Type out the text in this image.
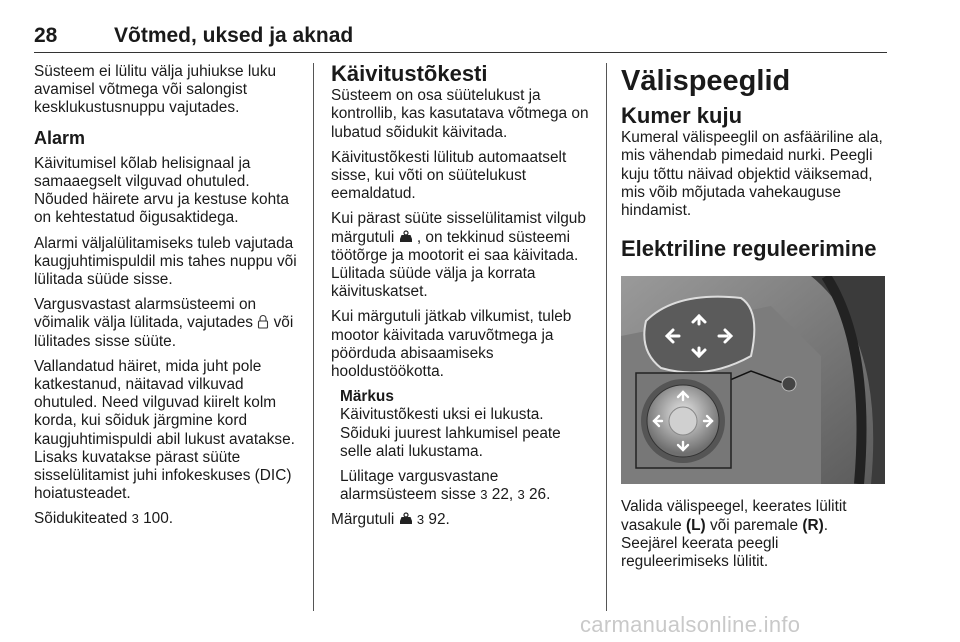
28	Võtmed, uksed ja aknad

Süsteem ei lülitu välja juhiukse luku avamisel võtmega või salongist kesklukustusnuppu vajutades.

Alarm

Käivitumisel kõlab helisignaal ja samaaegselt vilguvad ohutuled. Nõuded häirete arvu ja kestuse kohta on kehtestatud õigusaktidega.

Alarmi väljalülitamiseks tuleb vajutada kaugjuhtimispuldil mis tahes nuppu või lülitada süüde sisse.

Vargusvastast alarmsüsteemi on võimalik välja lülitada, vajutades või lülitades sisse süüte.

Vallandatud häiret, mida juht pole katkestanud, näitavad vilkuvad ohutuled. Need vilguvad kiirelt kolm korda, kui sõiduk järgmine kord kaugjuhtimispuldi abil lukust avatakse. Lisaks kuvatakse pärast süüte sisselülitamist juhi infokeskuses (DIC) hoiatusteadet.

Sõidukiteated 3 100.

Käivitustõkesti

Süsteem on osa süütelukust ja kontrollib, kas kasutatava võtmega on lubatud sõidukit käivitada.

Käivitustõkesti lülitub automaatselt sisse, kui võti on süütelukust eemaldatud.

Kui pärast süüte sisselülitamist vilgub märgutuli , on tekkinud süsteemi töötõrge ja mootorit ei saa käivitada. Lülitada süüde välja ja korrata käivituskatset.

Kui märgutuli jätkab vilkumist, tuleb mootor käivitada varuvõtmega ja pöörduda abisaamiseks hooldustöökotta.

Märkus

Käivitustõkesti uksi ei lukusta. Sõiduki juurest lahkumisel peate selle alati lukustama.

Lülitage vargusvastane alarmsüsteem sisse 3 22, 3 26.

Märgutuli 3 92.

Välispeeglid
Kumer kuju

Kumeral välispeeglil on asfääriline ala, mis vähendab pimedaid nurki. Peegli kuju tõttu näivad objektid väiksemad, mis võib mõjutada vahekauguse hindamist.

Elektriline reguleerimine

Valida välispeegel, keerates lülitit vasakule (L) või paremale (R). Seejärel keerata peegli reguleerimiseks lülitit.

carmanualsonline.info
